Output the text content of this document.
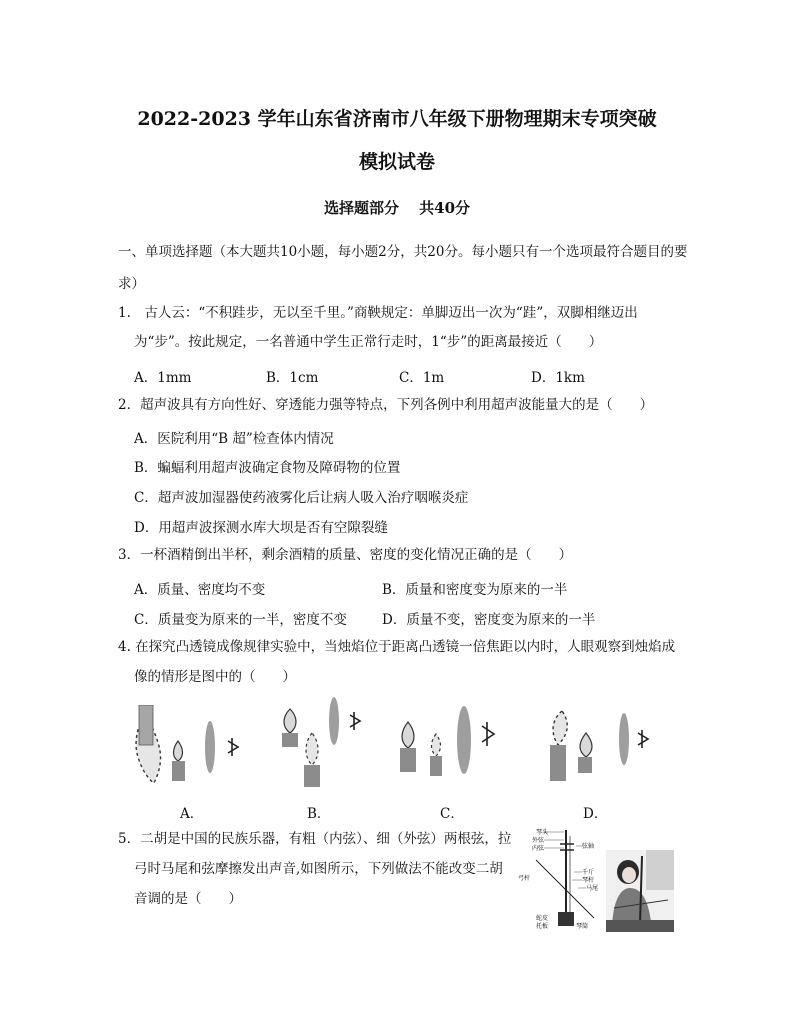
2022-2023 学年山东省济南市八年级下册物理期末专项突破
模拟试卷
选择题部分　 共40分
一、单项选择题（本大题共10小题，每小题2分，共20分。每小题只有一个选项最符合题目的要
求）
1.　古人云：“不积跬步，无以至千里。”商鞅规定：单脚迈出一次为“跬”，双脚相继迈出
为“步”。按此规定，一名普通中学生正常行走时，1“步”的距离最接近（　　）
A．1mm	B．1cm	C．1m	D．1km
2．超声波具有方向性好、穿透能力强等特点，下列各例中利用超声波能量大的是（　　）
A．医院利用“B 超”检查体内情况
B．蝙蝠利用超声波确定食物及障碍物的位置
C．超声波加湿器使药液雾化后让病人吸入治疗咽喉炎症
D．用超声波探测水库大坝是否有空隙裂缝
3．一杯酒精倒出半杯，剩余酒精的质量、密度的变化情况正确的是（　　）
A．质量、密度均不变	B．质量和密度变为原来的一半
C．质量变为原来的一半，密度不变	D．质量不变，密度变为原来的一半
4. 在探究凸透镜成像规律实验中，当烛焰位于距离凸透镜一倍焦距以内时，人眼观察到烛焰成
像的情形是图中的（　　）
A．	B．	C．	D．
5．二胡是中国的民族乐器，有粗（内弦）、细（外弦）两根弦，拉
弓时马尾和弦摩擦发出声音,如图所示，下列做法不能改变二胡
音调的是（　　）
琴头
外弦
内弦	弦轴
千斤
琴杆
马尾
弓杆
蛇皮
托板	琴筒
